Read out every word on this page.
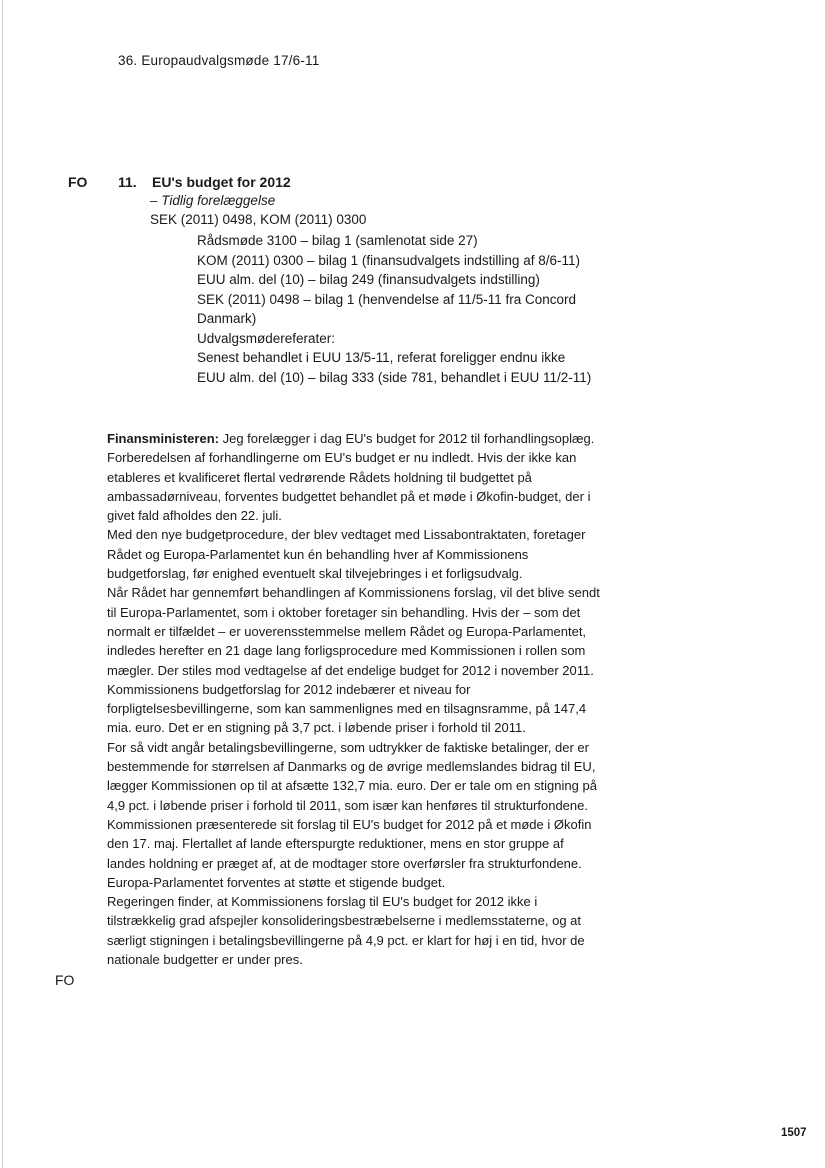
36. Europaudvalgsmøde 17/6-11
FO
FO
11. EU's budget for 2012
– Tidlig forelæggelse
SEK (2011) 0498, KOM (2011) 0300
Rådsmøde 3100 – bilag 1 (samlenotat side 27)
KOM (2011) 0300 – bilag 1 (finansudvalgets indstilling af 8/6-11)
EUU alm. del (10) – bilag 249 (finansudvalgets indstilling)
SEK (2011) 0498 – bilag 1 (henvendelse af 11/5-11 fra Concord Danmark)
Udvalgsmødereferater:
Senest behandlet i EUU 13/5-11, referat foreligger endnu ikke
EUU alm. del (10) – bilag 333 (side 781, behandlet i EUU 11/2-11)

Finansministeren: Jeg forelægger i dag EU's budget for 2012 til forhandlingsoplæg.

Forberedelsen af forhandlingerne om EU's budget er nu indledt. Hvis der ikke kan etableres et kvalificeret flertal vedrørende Rådets holdning til budgettet på ambassadørniveau, forventes budgettet behandlet på et møde i Økofin-budget, der i givet fald afholdes den 22. juli.

Med den nye budgetprocedure, der blev vedtaget med Lissabontraktaten, foretager Rådet og Europa-Parlamentet kun én behandling hver af Kommissionens budgetforslag, før enighed eventuelt skal tilvejebringes i et forligsudvalg.

Når Rådet har gennemført behandlingen af Kommissionens forslag, vil det blive sendt til Europa-Parlamentet, som i oktober foretager sin behandling. Hvis der – som det normalt er tilfældet – er uoverensstemmelse mellem Rådet og Europa-Parlamentet, indledes herefter en 21 dage lang forligsprocedure med Kommissionen i rollen som mægler. Der stiles mod vedtagelse af det endelige budget for 2012 i november 2011.

Kommissionens budgetforslag for 2012 indebærer et niveau for forpligtelsesbevillingerne, som kan sammenlignes med en tilsagnsramme, på 147,4 mia. euro. Det er en stigning på 3,7 pct. i løbende priser i forhold til 2011.

For så vidt angår betalingsbevillingerne, som udtrykker de faktiske betalinger, der er bestemmende for størrelsen af Danmarks og de øvrige medlemslandes bidrag til EU, lægger Kommissionen op til at afsætte 132,7 mia. euro. Der er tale om en stigning på 4,9 pct. i løbende priser i forhold til 2011, som især kan henføres til strukturfondene.

Kommissionen præsenterede sit forslag til EU's budget for 2012 på et møde i Økofin den 17. maj. Flertallet af lande efterspurgte reduktioner, mens en stor gruppe af landes holdning er præget af, at de modtager store overførsler fra strukturfondene. Europa-Parlamentet forventes at støtte et stigende budget.

Regeringen finder, at Kommissionens forslag til EU's budget for 2012 ikke i tilstrækkelig grad afspejler konsolideringsbestræbelserne i medlemsstaterne, og at særligt stigningen i betalingsbevillingerne på 4,9 pct. er klart for høj i en tid, hvor de nationale budgetter er under pres.

1507
